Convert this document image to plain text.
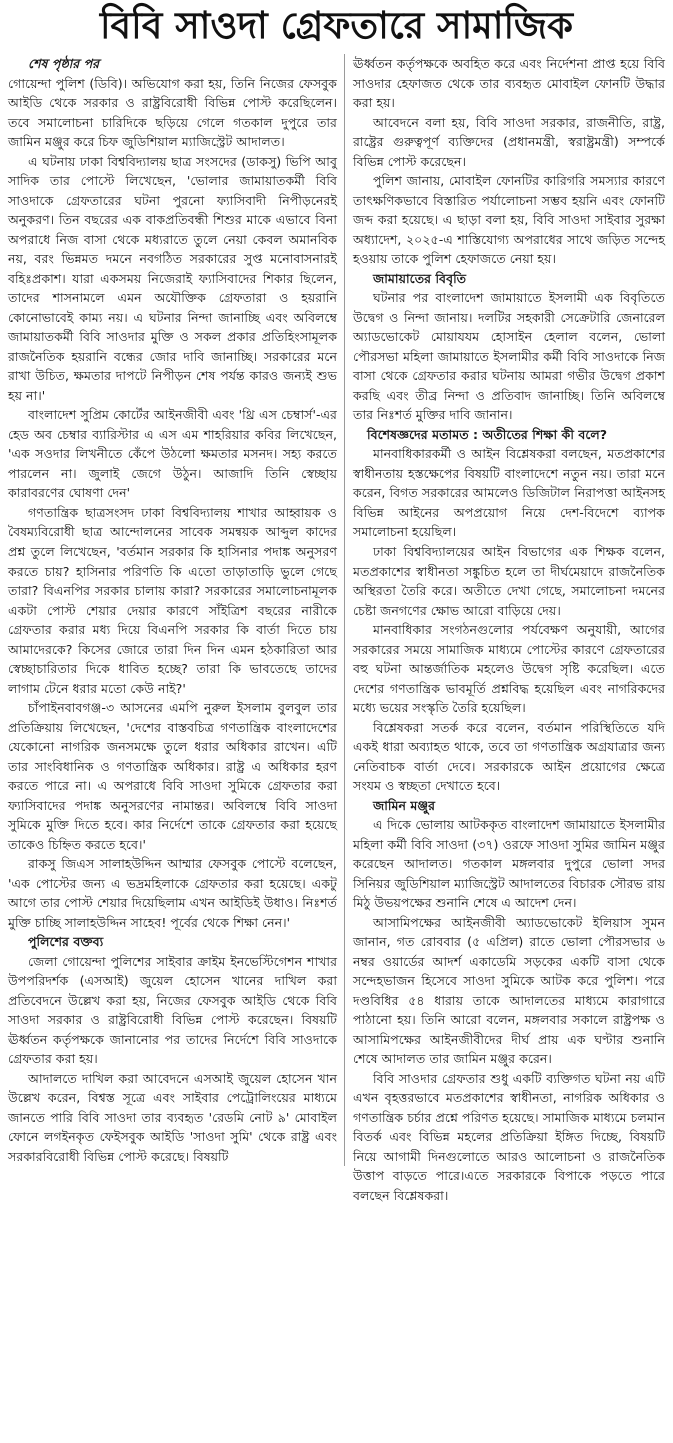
বিবি সাওদা গ্রেফতারে সামাজিক

শেষ পৃষ্ঠার পর

গোয়েন্দা পুলিশ (ডিবি)। অভিযোগ করা হয়, তিনি নিজের ফেসবুক আইডি থেকে সরকার ও রাষ্ট্রবিরোধী বিভিন্ন পোস্ট করেছিলেন। তবে সমালোচনা চারিদিকে ছড়িয়ে গেলে গতকাল দুপুরে তার জামিন মঞ্জুর করে চিফ জুডিশিয়াল ম্যাজিস্ট্রেট আদালত।

এ ঘটনায় ঢাকা বিশ্ববিদ্যালয় ছাত্র সংসদের (ডাকসু) ভিপি আবু সাদিক তার পোস্টে লিখেছেন, 'ভোলার জামায়াতকর্মী বিবি সাওদাকে গ্রেফতারের ঘটনা পুরনো ফ্যাসিবাদী নিপীড়নেরই অনুকরণ। তিন বছরের এক বাকপ্রতিবন্ধী শিশুর মাকে এভাবে বিনা অপরাধে নিজ বাসা থেকে মধ্যরাতে তুলে নেয়া কেবল অমানবিক নয়, বরং ভিন্নমত দমনে নবগঠিত সরকারের সুপ্ত মনোবাসনারই বহিঃপ্রকাশ। যারা একসময় নিজেরাই ফ্যাসিবাদের শিকার ছিলেন, তাদের শাসনামলে এমন অযৌক্তিক গ্রেফতারা ও হয়রানি কোনোভাবেই কাম্য নয়। এ ঘটনার নিন্দা জানাচ্ছি এবং অবিলম্বে জামায়াতকর্মী বিবি সাওদার মুক্তি ও সকল প্রকার প্রতিহিংসামূলক রাজনৈতিক হয়রানি বন্ধের জোর দাবি জানাচ্ছি। সরকারের মনে রাখা উচিত, ক্ষমতার দাপটে নিপীড়ন শেষ পর্যন্ত কারও জন্যই শুভ হয় না।'

বাংলাদেশ সুপ্রিম কোর্টের আইনজীবী এবং 'থ্রি এস চেম্বার্স'-এর হেড অব চেম্বার ব্যারিস্টার এ এস এম শাহরিয়ার কবির লিখেছেন, 'এক সওদার লিখনীতে কেঁপে উঠলো ক্ষমতার মসনদ। সহ্য করতে পারলেন না। জুলাই জেগে উঠুন। আজাদি তিনি স্বেচ্ছায় কারাবরণের ঘোষণা দেন'

গণতান্ত্রিক ছাত্রসংসদ ঢাকা বিশ্ববিদ্যালয় শাখার আহ্বায়ক ও বৈষম্যবিরোধী ছাত্র আন্দোলনের সাবেক সমন্বয়ক আব্দুল কাদের প্রশ্ন তুলে লিখেছেন, 'বর্তমান সরকার কি হাসিনার পদাঙ্ক অনুসরণ করতে চায়? হাসিনার পরিণতি কি এতো তাড়াতাড়ি ভুলে গেছে তারা? বিএনপির সরকার চালায় কারা? সরকারের সমালোচনামূলক একটা পোস্ট শেয়ার দেয়ার কারণে সাঁইত্রিশ বছরের নারীকে গ্রেফতার করার মধ্য দিয়ে বিএনপি সরকার কি বার্তা দিতে চায় আমাদেরকে? কিসের জোরে তারা দিন দিন এমন হঠকারিতা আর স্বেচ্ছাচারিতার দিকে ধাবিত হচ্ছে? তারা কি ভাবতেছে তাদের লাগাম টেনে ধরার মতো কেউ নাই?'

চাঁপাইনবাবগঞ্জ-৩ আসনের এমপি নুরুল ইসলাম বুলবুল তার প্রতিক্রিয়ায় লিখেছেন, 'দেশের বাস্তবচিত্র গণতান্ত্রিক বাংলাদেশের যেকোনো নাগরিক জনসমক্ষে তুলে ধরার অধিকার রাখেন। এটি তার সাংবিধানিক ও গণতান্ত্রিক অধিকার। রাষ্ট্র এ অধিকার হরণ করতে পারে না। এ অপরাধে বিবি সাওদা সুমিকে গ্রেফতার করা ফ্যাসিবাদের পদাঙ্ক অনুসরণের নামান্তর। অবিলম্বে বিবি সাওদা সুমিকে মুক্তি দিতে হবে। কার নির্দেশে তাকে গ্রেফতার করা হয়েছে তাকেও চিহ্নিত করতে হবে।'

রাকসু জিএস সালাহউদ্দিন আম্মার ফেসবুক পোস্টে বলেছেন, 'এক পোস্টের জন্য এ ভদ্রমহিলাকে গ্রেফতার করা হয়েছে। একটু আগে তার পোস্ট শেয়ার দিয়েছিলাম এখন আইডিই উধাও। নিঃশর্ত মুক্তি চাচ্ছি সালাহউদ্দিন সাহেব! পূর্বের থেকে শিক্ষা নেন।'

পুলিশের বক্তব্য

জেলা গোয়েন্দা পুলিশের সাইবার ক্রাইম ইনভেস্টিগেশন শাখার উপপরিদর্শক (এসআই) জুয়েল হোসেন খানের দাখিল করা প্রতিবেদনে উল্লেখ করা হয়, নিজের ফেসবুক আইডি থেকে বিবি সাওদা সরকার ও রাষ্ট্রবিরোধী বিভিন্ন পোস্ট করেছেন। বিষয়টি ঊর্ধ্বতন কর্তৃপক্ষকে জানানোর পর তাদের নির্দেশে বিবি সাওদাকে গ্রেফতার করা হয়।

আদালতে দাখিল করা আবেদনে এসআই জুয়েল হোসেন খান উল্লেখ করেন, বিশ্বস্ত সূত্রে এবং সাইবার পেট্রোলিংয়ের মাধ্যমে জানতে পারি বিবি সাওদা তার ব্যবহৃত 'রেডমি নোট ৯' মোবাইল ফোনে লগইনকৃত ফেইসবুক আইডি 'সাওদা সুমি' থেকে রাষ্ট্র এবং সরকারবিরোধী বিভিন্ন পোস্ট করেছে। বিষয়টি

ঊর্ধ্বতন কর্তৃপক্ষকে অবহিত করে এবং নির্দেশনা প্রাপ্ত হয়ে বিবি সাওদার হেফাজত থেকে তার ব্যবহৃত মোবাইল ফোনটি উদ্ধার করা হয়।

আবেদনে বলা হয়, বিবি সাওদা সরকার, রাজনীতি, রাষ্ট্র, রাষ্ট্রের গুরুত্বপূর্ণ ব্যক্তিদের (প্রধানমন্ত্রী, স্বরাষ্ট্রমন্ত্রী) সম্পর্কে বিভিন্ন পোস্ট করেছেন।

পুলিশ জানায়, মোবাইল ফোনটির কারিগরি সমস্যার কারণে তাৎক্ষণিকভাবে বিস্তারিত পর্যালোচনা সম্ভব হয়নি এবং ফোনটি জব্দ করা হয়েছে। এ ছাড়া বলা হয়, বিবি সাওদা সাইবার সুরক্ষা অধ্যাদেশ, ২০২৫-এ শাস্তিযোগ্য অপরাধের সাথে জড়িত সন্দেহ হওয়ায় তাকে পুলিশ হেফাজতে নেয়া হয়।

জামায়াতের বিবৃতি

ঘটনার পর বাংলাদেশ জামায়াতে ইসলামী এক বিবৃতিতে উদ্বেগ ও নিন্দা জানায়। দলটির সহকারী সেক্রেটারি জেনারেল অ্যাডভোকেট মোয়াযযম হোসাইন হেলাল বলেন, ভোলা পৌরসভা মহিলা জামায়াতে ইসলামীর কর্মী বিবি সাওদাকে নিজ বাসা থেকে গ্রেফতার করার ঘটনায় আমরা গভীর উদ্বেগ প্রকাশ করছি এবং তীব্র নিন্দা ও প্রতিবাদ জানাচ্ছি। তিনি অবিলম্বে তার নিঃশর্ত মুক্তির দাবি জানান।

বিশেষজ্ঞদের মতামত : অতীতের শিক্ষা কী বলে?

মানবাধিকারকর্মী ও আইন বিশ্লেষকরা বলছেন, মতপ্রকাশের স্বাধীনতায় হস্তক্ষেপের বিষয়টি বাংলাদেশে নতুন নয়। তারা মনে করেন, বিগত সরকারের আমলেও ডিজিটাল নিরাপত্তা আইনসহ বিভিন্ন আইনের অপপ্রয়োগ নিয়ে দেশ-বিদেশে ব্যাপক সমালোচনা হয়েছিল।

ঢাকা বিশ্ববিদ্যালয়ের আইন বিভাগের এক শিক্ষক বলেন, মতপ্রকাশের স্বাধীনতা সঙ্কুচিত হলে তা দীর্ঘমেয়াদে রাজনৈতিক অস্থিরতা তৈরি করে। অতীতে দেখা গেছে, সমালোচনা দমনের চেষ্টা জনগণের ক্ষোভ আরো বাড়িয়ে দেয়।

মানবাধিকার সংগঠনগুলোর পর্যবেক্ষণ অনুযায়ী, আগের সরকারের সময়ে সামাজিক মাধ্যমে পোস্টের কারণে গ্রেফতারের বহু ঘটনা আন্তর্জাতিক মহলেও উদ্বেগ সৃষ্টি করেছিল। এতে দেশের গণতান্ত্রিক ভাবমূর্তি প্রশ্নবিদ্ধ হয়েছিল এবং নাগরিকদের মধ্যে ভয়ের সংস্কৃতি তৈরি হয়েছিল।

বিশ্লেষকরা সতর্ক করে বলেন, বর্তমান পরিস্থিতিতে যদি একই ধারা অব্যাহত থাকে, তবে তা গণতান্ত্রিক অগ্রযাত্রার জন্য নেতিবাচক বার্তা দেবে। সরকারকে আইন প্রয়োগের ক্ষেত্রে সংযম ও স্বচ্ছতা দেখাতে হবে।

জামিন মঞ্জুর

এ দিকে ভোলায় আটককৃত বাংলাদেশ জামায়াতে ইসলামীর মহিলা কর্মী বিবি সাওদা (৩৭) ওরফে সাওদা সুমির জামিন মঞ্জুর করেছেন আদালত। গতকাল মঙ্গলবার দুপুরে ভোলা সদর সিনিয়র জুডিশিয়াল ম্যাজিস্ট্রেট আদালতের বিচারক সৌরভ রায় মিঠু উভয়পক্ষের শুনানি শেষে এ আদেশ দেন।

আসামিপক্ষের আইনজীবী অ্যাডভোকেট ইলিয়াস সুমন জানান, গত রোববার (৫ এপ্রিল) রাতে ভোলা পৌরসভার ৬ নম্বর ওয়ার্ডের আদর্শ একাডেমি সড়কের একটি বাসা থেকে সন্দেহভাজন হিসেবে সাওদা সুমিকে আটক করে পুলিশ। পরে দণ্ডবিধির ৫৪ ধারায় তাকে আদালতের মাধ্যমে কারাগারে পাঠানো হয়। তিনি আরো বলেন, মঙ্গলবার সকালে রাষ্ট্রপক্ষ ও আসামিপক্ষের আইনজীবীদের দীর্ঘ প্রায় এক ঘণ্টার শুনানি শেষে আদালত তার জামিন মঞ্জুর করেন।

বিবি সাওদার গ্রেফতার শুধু একটি ব্যক্তিগত ঘটনা নয় এটি এখন বৃহত্তরভাবে মতপ্রকাশের স্বাধীনতা, নাগরিক অধিকার ও গণতান্ত্রিক চর্চার প্রশ্নে পরিণত হয়েছে। সামাজিক মাধ্যমে চলমান বিতর্ক এবং বিভিন্ন মহলের প্রতিক্রিয়া ইঙ্গিত দিচ্ছে, বিষয়টি নিয়ে আগামী দিনগুলোতে আরও আলোচনা ও রাজনৈতিক উত্তাপ বাড়তে পারে।এতে সরকারকে বিপাকে পড়তে পারে বলছেন বিশ্লেষকরা।
